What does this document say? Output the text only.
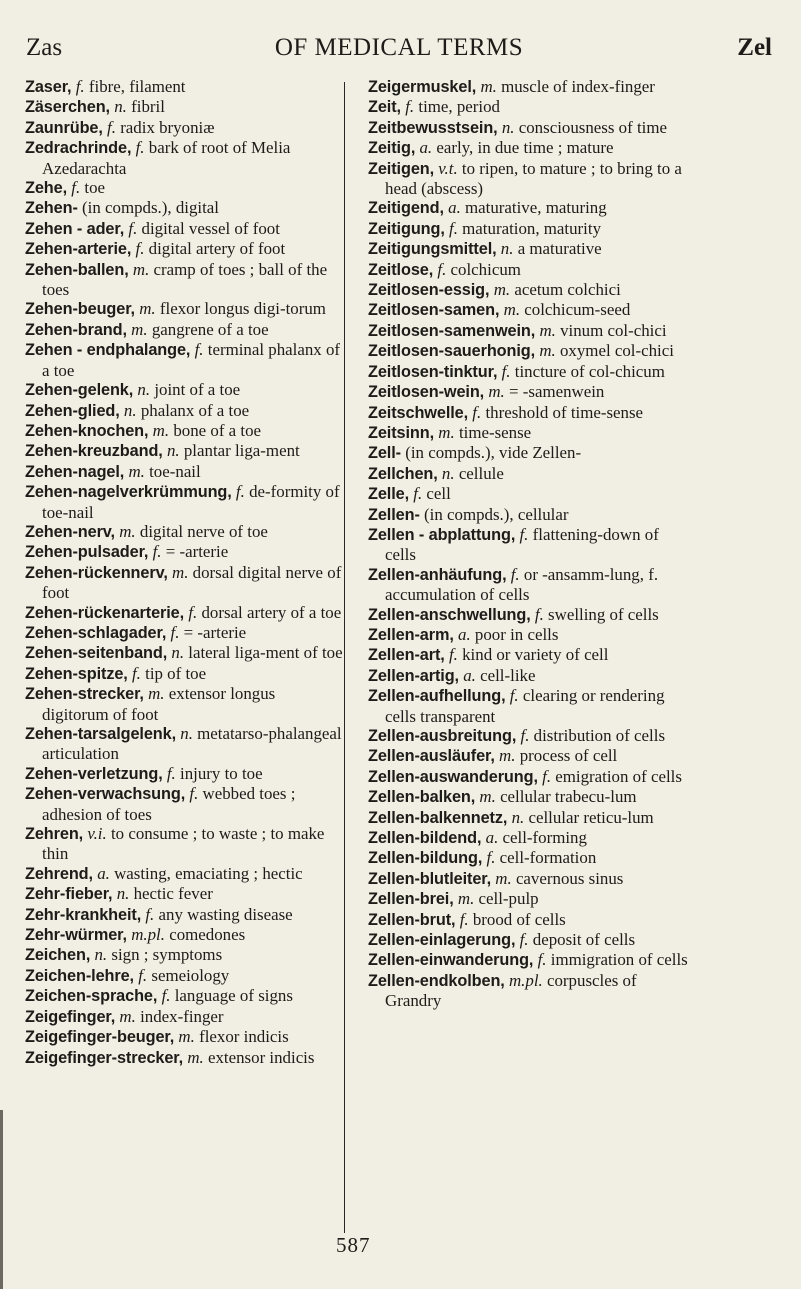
Zas	OF MEDICAL TERMS	Zel
Zaser, f. fibre, filament
Zäserchen, n. fibril
Zaunrübe, f. radix bryoniæ
Zedrachrinde, f. bark of root of Melia Azedarachta
Zehe, f. toe
Zehen- (in compds.), digital
Zehen - ader, f. digital vessel of foot
Zehen-arterie, f. digital artery of foot
Zehen-ballen, m. cramp of toes ; ball of the toes
Zehen-beuger, m. flexor longus digi-torum
Zehen-brand, m. gangrene of a toe
Zehen - endphalange, f. terminal phalanx of a toe
Zehen-gelenk, n. joint of a toe
Zehen-glied, n. phalanx of a toe
Zehen-knochen, m. bone of a toe
Zehen-kreuzband, n. plantar liga-ment
Zehen-nagel, m. toe-nail
Zehen-nagelverkrümmung, f. de-formity of toe-nail
Zehen-nerv, m. digital nerve of toe
Zehen-pulsader, f. = -arterie
Zehen-rückennerv, m. dorsal digital nerve of foot
Zehen-rückenarterie, f. dorsal artery of a toe
Zehen-schlagader, f. = -arterie
Zehen-seitenband, n. lateral liga-ment of toe
Zehen-spitze, f. tip of toe
Zehen-strecker, m. extensor longus digitorum of foot
Zehen-tarsalgelenk, n. metatarso-phalangeal articulation
Zehen-verletzung, f. injury to toe
Zehen-verwachsung, f. webbed toes ; adhesion of toes
Zehren, v.i. to consume ; to waste ; to make thin
Zehrend, a. wasting, emaciating ; hectic
Zehr-fieber, n. hectic fever
Zehr-krankheit, f. any wasting disease
Zehr-würmer, m.pl. comedones
Zeichen, n. sign ; symptoms
Zeichen-lehre, f. semeiology
Zeichen-sprache, f. language of signs
Zeigefinger, m. index-finger
Zeigefinger-beuger, m. flexor indicis
Zeigefinger-strecker, m. extensor indicis
Zeigermuskel, m. muscle of index-finger
Zeit, f. time, period
Zeitbewusstsein, n. consciousness of time
Zeitig, a. early, in due time ; mature
Zeitigen, v.t. to ripen, to mature ; to bring to a head (abscess)
Zeitigend, a. maturative, maturing
Zeitigung, f. maturation, maturity
Zeitigungsmittel, n. a maturative
Zeitlose, f. colchicum
Zeitlosen-essig, m. acetum colchici
Zeitlosen-samen, m. colchicum-seed
Zeitlosen-samenwein, m. vinum col-chici
Zeitlosen-sauerhonig, m. oxymel col-chici
Zeitlosen-tinktur, f. tincture of col-chicum
Zeitlosen-wein, m. = -samenwein
Zeitschwelle, f. threshold of time-sense
Zeitsinn, m. time-sense
Zell- (in compds.), vide Zellen-
Zellchen, n. cellule
Zelle, f. cell
Zellen- (in compds.), cellular
Zellen - abplattung, f. flattening-down of cells
Zellen-anhäufung, f. or -ansamm-lung, f. accumulation of cells
Zellen-anschwellung, f. swelling of cells
Zellen-arm, a. poor in cells
Zellen-art, f. kind or variety of cell
Zellen-artig, a. cell-like
Zellen-aufhellung, f. clearing or rendering cells transparent
Zellen-ausbreitung, f. distribution of cells
Zellen-ausläufer, m. process of cell
Zellen-auswanderung, f. emigration of cells
Zellen-balken, m. cellular trabecu-lum
Zellen-balkennetz, n. cellular reticu-lum
Zellen-bildend, a. cell-forming
Zellen-bildung, f. cell-formation
Zellen-blutleiter, m. cavernous sinus
Zellen-brei, m. cell-pulp
Zellen-brut, f. brood of cells
Zellen-einlagerung, f. deposit of cells
Zellen-einwanderung, f. immigration of cells
Zellen-endkolben, m.pl. corpuscles of Grandry
587
